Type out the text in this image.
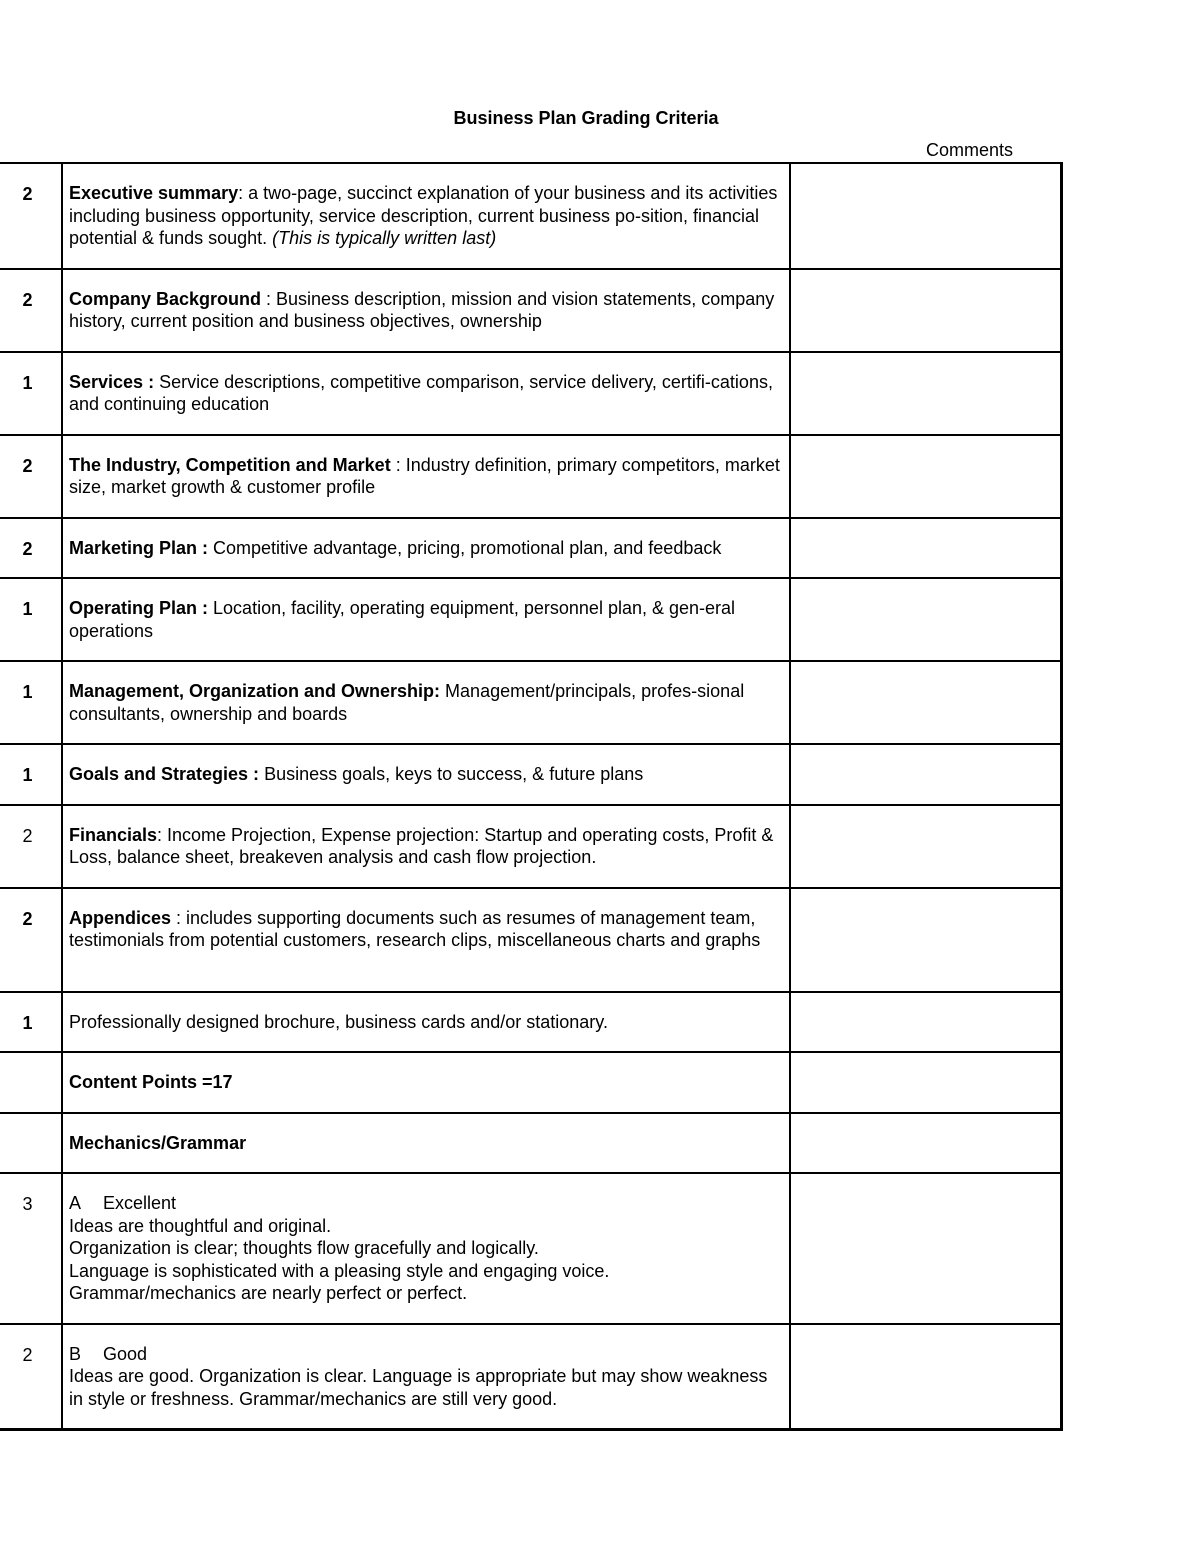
Business Plan Grading Criteria
Comments
2	Executive summary: a two-page, succinct explanation of your business and its activities including business opportunity, service description, current business po-sition, financial potential & funds sought. (This is typically written last)	
2	Company Background : Business description, mission and vision statements, company history, current position and business objectives, ownership	
1	Services : Service descriptions, competitive comparison, service delivery, certifi-cations, and continuing education	
2	The Industry, Competition and Market : Industry definition, primary competitors, market size, market growth & customer profile	
2	Marketing Plan : Competitive advantage, pricing, promotional plan, and feedback	
1	Operating Plan : Location, facility, operating equipment, personnel plan, & gen-eral operations	
1	Management, Organization and Ownership: Management/principals, profes-sional consultants, ownership and boards	
1	Goals and Strategies : Business goals, keys to success, & future plans	
2	Financials: Income Projection, Expense projection: Startup and operating costs, Profit & Loss, balance sheet, breakeven analysis and cash flow projection.	
2	Appendices : includes supporting documents such as resumes of management team, testimonials from potential customers, research clips, miscellaneous charts and graphs	
1	Professionally designed brochure, business cards and/or stationary.	
	Content Points =17	
	Mechanics/Grammar	
3	A Excellent
Ideas are thoughtful and original.
Organization is clear; thoughts flow gracefully and logically.
Language is sophisticated with a pleasing style and engaging voice.
Grammar/mechanics are nearly perfect or perfect.	

2	B Good
Ideas are good. Organization is clear. Language is appropriate but may show weakness in style or freshness. Grammar/mechanics are still very good.	
